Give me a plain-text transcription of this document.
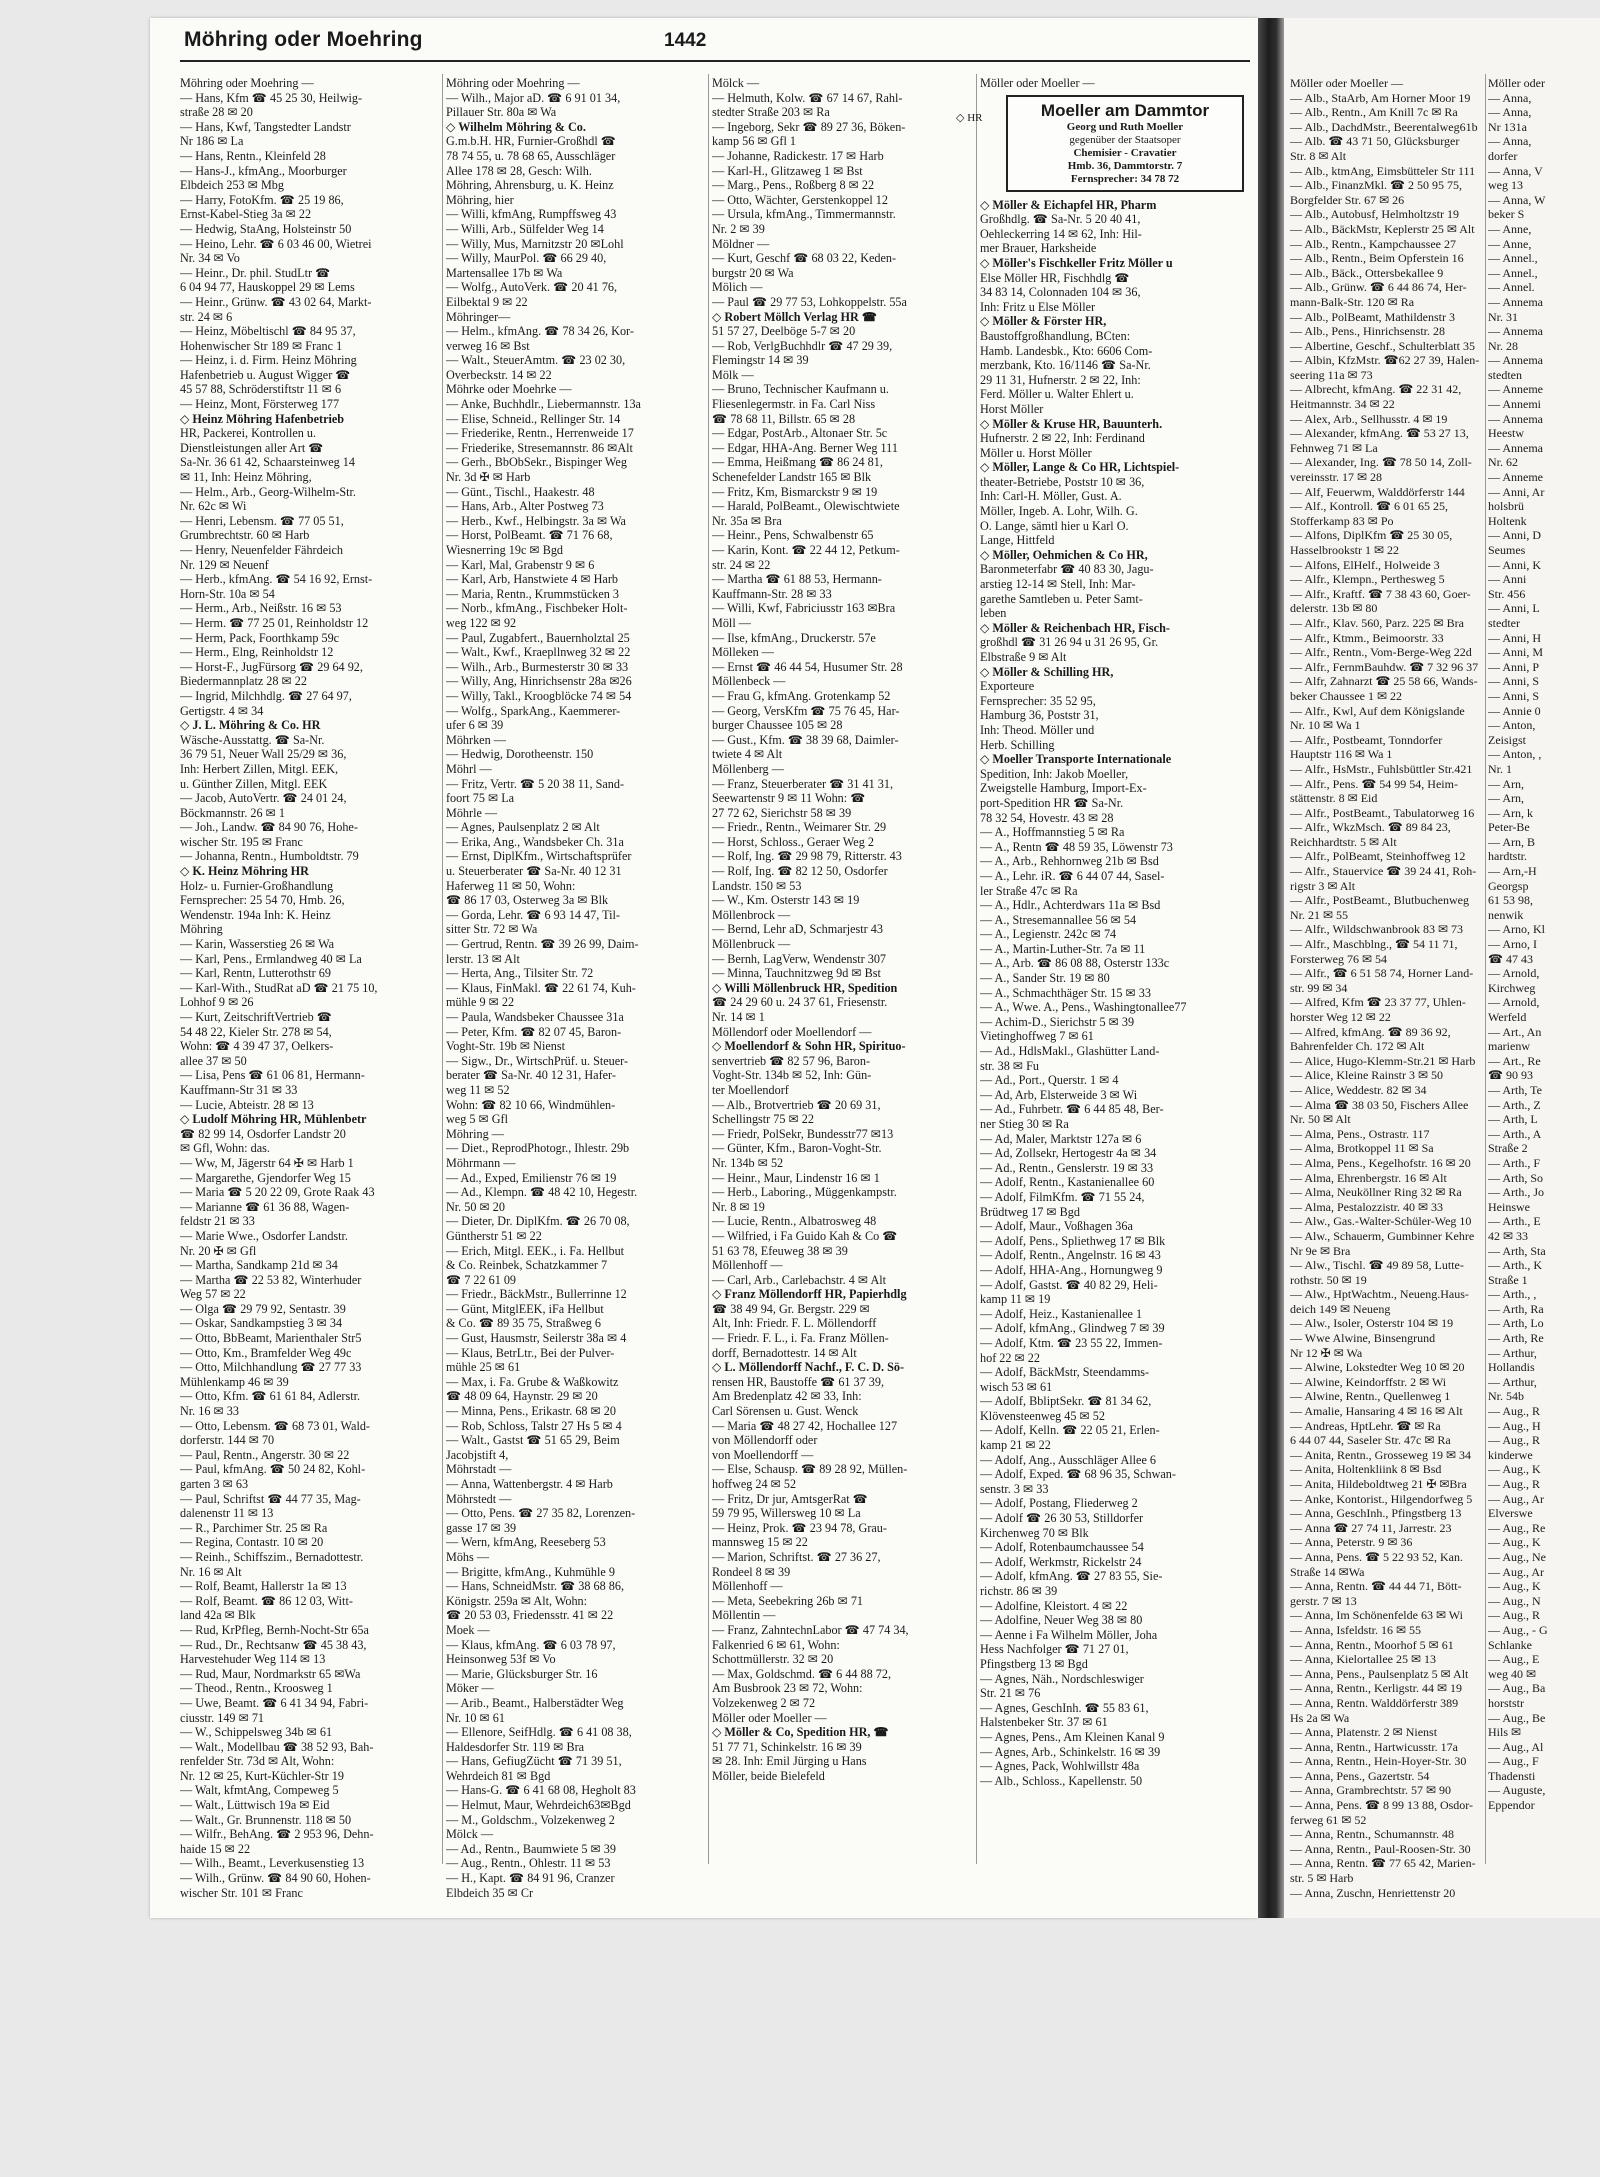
Möhring oder Moehring	1442
Möhring oder Moehring —
— Hans, Kfm ☎ 45 25 30, Heilwig-
straße 28 ✉ 20
— Hans, Kwf, Tangstedter Landstr
Nr 186 ✉ La
— Hans, Rentn., Kleinfeld 28
— Hans-J., kfmAng., Moorburger
Elbdeich 253 ✉ Mbg
— Harry, FotoKfm. ☎ 25 19 86,
Ernst-Kabel-Stieg 3a ✉ 22
— Hedwig, StaAng, Holsteinstr 50
— Heino, Lehr. ☎ 6 03 46 00, Wietrei
Nr. 34 ✉ Vo
— Heinr., Dr. phil. StudLtr ☎
6 04 94 77, Hauskoppel 29 ✉ Lems
— Heinr., Grünw. ☎ 43 02 64, Markt-
str. 24 ✉ 6
— Heinz, Möbeltischl ☎ 84 95 37,
Hohenwischer Str 189 ✉ Franc 1
— Heinz, i. d. Firm. Heinz Möhring
Hafenbetrieb u. August Wigger ☎
45 57 88, Schröderstiftstr 11 ✉ 6
— Heinz, Mont, Försterweg 177
◇ Heinz Möhring Hafenbetrieb
HR, Packerei, Kontrollen u.
Dienstleistungen aller Art ☎
Sa-Nr. 36 61 42, Schaarsteinweg 14
✉ 11, Inh: Heinz Möhring,
— Helm., Arb., Georg-Wilhelm-Str.
Nr. 62c ✉ Wi
— Henri, Lebensm. ☎ 77 05 51,
Grumbrechtstr. 60 ✉ Harb
— Henry, Neuenfelder Fährdeich
Nr. 129 ✉ Neuenf
— Herb., kfmAng. ☎ 54 16 92, Ernst-
Horn-Str. 10a ✉ 54
— Herm., Arb., Neißstr. 16 ✉ 53
— Herm. ☎ 77 25 01, Reinholdstr 12
— Herm, Pack, Foorthkamp 59c
— Herm., Elng, Reinholdstr 12
— Horst-F., JugFürsorg ☎ 29 64 92,
Biedermannplatz 28 ✉ 22
— Ingrid, Milchhdlg. ☎ 27 64 97,
Gertigstr. 4 ✉ 34
◇ J. L. Möhring & Co. HR
Wäsche-Ausstattg. ☎ Sa-Nr.
36 79 51, Neuer Wall 25/29 ✉ 36,
Inh: Herbert Zillen, Mitgl. EEK,
u. Günther Zillen, Mitgl. EEK
— Jacob, AutoVertr. ☎ 24 01 24,
Böckmannstr. 26 ✉ 1
— Joh., Landw. ☎ 84 90 76, Hohe-
wischer Str. 195 ✉ Franc
— Johanna, Rentn., Humboldtstr. 79
◇ K. Heinz Möhring HR
Holz- u. Furnier-Großhandlung
Fernsprecher: 25 54 70, Hmb. 26,
Wendenstr. 194a Inh: K. Heinz
Möhring
— Karin, Wasserstieg 26 ✉ Wa
— Karl, Pens., Ermlandweg 40 ✉ La
— Karl, Rentn, Lutterothstr 69
— Karl-With., StudRat aD ☎ 21 75 10,
Lohhof 9 ✉ 26
— Kurt, ZeitschriftVertrieb ☎
54 48 22, Kieler Str. 278 ✉ 54,
Wohn: ☎ 4 39 47 37, Oelkers-
allee 37 ✉ 50
— Lisa, Pens ☎ 61 06 81, Hermann-
Kauffmann-Str 31 ✉ 33
— Lucie, Abteistr. 28 ✉ 13
◇ Ludolf Möhring HR, Mühlenbetr
☎ 82 99 14, Osdorfer Landstr 20
✉ Gfl, Wohn: das.
— Ww, M, Jägerstr 64 ✠ ✉ Harb 1
— Margarethe, Gjendorfer Weg 15
— Maria ☎ 5 20 22 09, Grote Raak 43
— Marianne ☎ 61 36 88, Wagen-
feldstr 21 ✉ 33
— Marie Wwe., Osdorfer Landstr.
Nr. 20 ✠ ✉ Gfl
— Martha, Sandkamp 21d ✉ 34
— Martha ☎ 22 53 82, Winterhuder
Weg 57 ✉ 22
— Olga ☎ 29 79 92, Sentastr. 39
— Oskar, Sandkampstieg 3 ✉ 34
— Otto, BbBeamt, Marienthaler Str5
— Otto, Km., Bramfelder Weg 49c
— Otto, Milchhandlung ☎ 27 77 33
Mühlenkamp 46 ✉ 39
— Otto, Kfm. ☎ 61 61 84, Adlerstr.
Nr. 16 ✉ 33
— Otto, Lebensm. ☎ 68 73 01, Wald-
dorferstr. 144 ✉ 70
— Paul, Rentn., Angerstr. 30 ✉ 22
— Paul, kfmAng. ☎ 50 24 82, Kohl-
garten 3 ✉ 63
— Paul, Schriftst ☎ 44 77 35, Mag-
dalenenstr 11 ✉ 13
— R., Parchimer Str. 25 ✉ Ra
— Regina, Contastr. 10 ✉ 20
— Reinh., Schiffszim., Bernadottestr.
Nr. 16 ✉ Alt
— Rolf, Beamt, Hallerstr 1a ✉ 13
— Rolf, Beamt. ☎ 86 12 03, Witt-
land 42a ✉ Blk
— Rud, KrPfleg, Bernh-Nocht-Str 65a
— Rud., Dr., Rechtsanw ☎ 45 38 43,
Harvestehuder Weg 114 ✉ 13
— Rud, Maur, Nordmarkstr 65 ✉Wa
— Theod., Rentn., Kroosweg 1
— Uwe, Beamt. ☎ 6 41 34 94, Fabri-
ciusstr. 149 ✉ 71
— W., Schippelsweg 34b ✉ 61
— Walt., Modellbau ☎ 38 52 93, Bah-
renfelder Str. 73d ✉ Alt, Wohn:
Nr. 12 ✉ 25, Kurt-Küchler-Str 19
— Walt, kfmtAng, Compeweg 5
— Walt., Lüttwisch 19a ✉ Eid
— Walt., Gr. Brunnenstr. 118 ✉ 50
— Wilfr., BehAng. ☎ 2 953 96, Dehn-
haide 15 ✉ 22
— Wilh., Beamt., Leverkusenstieg 13
— Wilh., Grünw. ☎ 84 90 60, Hohen-
wischer Str. 101 ✉ Franc
Möhring oder Moehring —
— Wilh., Major aD. ☎ 6 91 01 34,
Pillauer Str. 80a ✉ Wa
◇ Wilhelm Möhring & Co.
G.m.b.H. HR, Furnier-Großhdl ☎
78 74 55, u. 78 68 65, Ausschläger
Allee 178 ✉ 28, Gesch: Wilh.
Möhring, Ahrensburg, u. K. Heinz
Möhring, hier
— Willi, kfmAng, Rumpffsweg 43
— Willi, Arb., Sülfelder Weg 14
— Willy, Mus, Marnitzstr 20 ✉Lohl
— Willy, MaurPol. ☎ 66 29 40,
Martensallee 17b ✉ Wa
— Wolfg., AutoVerk. ☎ 20 41 76,
Eilbektal 9 ✉ 22
Möhringer—
— Helm., kfmAng. ☎ 78 34 26, Kor-
verweg 16 ✉ Bst
— Walt., SteuerAmtm. ☎ 23 02 30,
Overbeckstr. 14 ✉ 22
Möhrke oder Moehrke —
— Anke, Buchhdlr., Liebermannstr. 13a
— Elise, Schneid., Rellinger Str. 14
— Friederike, Rentn., Herrenweide 17
— Friederike, Stresemannstr. 86 ✉Alt
— Gerh., BbObSekr., Bispinger Weg
Nr. 3d ✠ ✉ Harb
— Günt., Tischl., Haakestr. 48
— Hans, Arb., Alter Postweg 73
— Herb., Kwf., Helbingstr. 3a ✉ Wa
— Horst, PolBeamt. ☎ 71 76 68,
Wiesnerring 19c ✉ Bgd
— Karl, Mal, Grabenstr 9 ✉ 6
— Karl, Arb, Hanstwiete 4 ✉ Harb
— Maria, Rentn., Krummstücken 3
— Norb., kfmAng., Fischbeker Holt-
weg 122 ✉ 92
— Paul, Zugabfert., Bauernholztal 25
— Walt., Kwf., Kraepllnweg 32 ✉ 22
— Wilh., Arb., Burmesterstr 30 ✉ 33
— Willy, Ang, Hinrichsenstr 28a ✉26
— Willy, Takl., Kroogblöcke 74 ✉ 54
— Wolfg., SparkAng., Kaemmerer-
ufer 6 ✉ 39
Möhrken —
— Hedwig, Dorotheenstr. 150
Möhrl —
— Fritz, Vertr. ☎ 5 20 38 11, Sand-
foort 75 ✉ La
Möhrle —
— Agnes, Paulsenplatz 2 ✉ Alt
— Erika, Ang., Wandsbeker Ch. 31a
— Ernst, DiplKfm., Wirtschaftsprüfer
u. Steuerberater ☎ Sa-Nr. 40 12 31
Haferweg 11 ✉ 50, Wohn:
☎ 86 17 03, Osterweg 3a ✉ Blk
— Gorda, Lehr. ☎ 6 93 14 47, Til-
sitter Str. 72 ✉ Wa
— Gertrud, Rentn. ☎ 39 26 99, Daim-
lerstr. 13 ✉ Alt
— Herta, Ang., Tilsiter Str. 72
— Klaus, FinMakl. ☎ 22 61 74, Kuh-
mühle 9 ✉ 22
— Paula, Wandsbeker Chaussee 31a
— Peter, Kfm. ☎ 82 07 45, Baron-
Voght-Str. 19b ✉ Nienst
— Sigw., Dr., WirtschPrüf. u. Steuer-
berater ☎ Sa-Nr. 40 12 31, Hafer-
weg 11 ✉ 52
Wohn: ☎ 82 10 66, Windmühlen-
weg 5 ✉ Gfl
Möhring —
— Diet., ReprodPhotogr., Ihlestr. 29b
Möhrmann —
— Ad., Exped, Emilienstr 76 ✉ 19
— Ad., Klempn. ☎ 48 42 10, Hegestr.
Nr. 50 ✉ 20
— Dieter, Dr. DiplKfm. ☎ 26 70 08,
Güntherstr 51 ✉ 22
— Erich, Mitgl. EEK., i. Fa. Hellbut
& Co. Reinbek, Schatzkammer 7
☎ 7 22 61 09
— Friedr., BäckMstr., Bullerrinne 12
— Günt, MitglEEK, iFa Hellbut
& Co. ☎ 89 35 75, Straßweg 6
— Gust, Hausmstr, Seilerstr 38a ✉ 4
— Klaus, BetrLtr., Bei der Pulver-
mühle 25 ✉ 61
— Max, i. Fa. Grube & Waßkowitz
☎ 48 09 64, Haynstr. 29 ✉ 20
— Minna, Pens., Erikastr. 68 ✉ 20
— Rob, Schloss, Talstr 27 Hs 5 ✉ 4
— Walt., Gastst ☎ 51 65 29, Beim
Jacobjstift 4,
Möhrstadt —
— Anna, Wattenbergstr. 4 ✉ Harb
Möhrstedt —
— Otto, Pens. ☎ 27 35 82, Lorenzen-
gasse 17 ✉ 39
— Wern, kfmAng, Reeseberg 53
Möhs —
— Brigitte, kfmAng., Kuhmühle 9
— Hans, SchneidMstr. ☎ 38 68 86,
Königstr. 259a ✉ Alt, Wohn:
☎ 20 53 03, Friedensstr. 41 ✉ 22
Moek —
— Klaus, kfmAng. ☎ 6 03 78 97,
Heinsonweg 53f ✉ Vo
— Marie, Glücksburger Str. 16
Möker —
— Arib., Beamt., Halberstädter Weg
Nr. 10 ✉ 61
— Ellenore, SeifHdlg. ☎ 6 41 08 38,
Haldesdorfer Str. 119 ✉ Bra
— Hans, GefiugZücht ☎ 71 39 51,
Wehrdeich 81 ✉ Bgd
— Hans-G. ☎ 6 41 68 08, Hegholt 83
— Helmut, Maur, Wehrdeich63✉Bgd
— M., Goldschm., Volzekenweg 2
Mölck —
— Ad., Rentn., Baumwiete 5 ✉ 39
— Aug., Rentn., Ohlestr. 11 ✉ 53
— H., Kapt. ☎ 84 91 96, Cranzer
Elbdeich 35 ✉ Cr
Mölck —
— Helmuth, Kolw. ☎ 67 14 67, Rahl-
stedter Straße 203 ✉ Ra
— Ingeborg, Sekr ☎ 89 27 36, Böken-
kamp 56 ✉ Gfl 1
— Johanne, Radickestr. 17 ✉ Harb
— Karl-H., Glitzaweg 1 ✉ Bst
— Marg., Pens., Roßberg 8 ✉ 22
— Otto, Wächter, Gerstenkoppel 12
— Ursula, kfmAng., Timmermannstr.
Nr. 2 ✉ 39
Möldner —
— Kurt, Geschf ☎ 68 03 22, Keden-
burgstr 20 ✉ Wa
Mölich —
— Paul ☎ 29 77 53, Lohkoppelstr. 55a
◇ Robert Möllch Verlag HR ☎
51 57 27, Deelböge 5-7 ✉ 20
— Rob, VerlgBuchhdlr ☎ 47 29 39,
Flemingstr 14 ✉ 39
Mölk —
— Bruno, Technischer Kaufmann u.
Fliesenlegermstr. in Fa. Carl Niss
☎ 78 68 11, Billstr. 65 ✉ 28
— Edgar, PostArb., Altonaer Str. 5c
— Edgar, HHA-Ang. Berner Weg 111
— Emma, Heißmang ☎ 86 24 81,
Schenefelder Landstr 165 ✉ Blk
— Fritz, Km, Bismarckstr 9 ✉ 19
— Harald, PolBeamt., Olewischtwiete
Nr. 35a ✉ Bra
— Heinr., Pens, Schwalbenstr 65
— Karin, Kont. ☎ 22 44 12, Petkum-
str. 24 ✉ 22
— Martha ☎ 61 88 53, Hermann-
Kauffmann-Str. 28 ✉ 33
— Willi, Kwf, Fabriciusstr 163 ✉Bra
Möll —
— Ilse, kfmAng., Druckerstr. 57e
Mölleken —
— Ernst ☎ 46 44 54, Husumer Str. 28
Möllenbeck —
— Frau G, kfmAng. Grotenkamp 52
— Georg, VersKfm ☎ 75 76 45, Har-
burger Chaussee 105 ✉ 28
— Gust., Kfm. ☎ 38 39 68, Daimler-
twiete 4 ✉ Alt
Möllenberg —
— Franz, Steuerberater ☎ 31 41 31,
Seewartenstr 9 ✉ 11 Wohn: ☎
27 72 62, Sierichstr 58 ✉ 39
— Friedr., Rentn., Weimarer Str. 29
— Horst, Schloss., Geraer Weg 2
— Rolf, Ing. ☎ 29 98 79, Ritterstr. 43
— Rolf, Ing. ☎ 82 12 50, Osdorfer
Landstr. 150 ✉ 53
— W., Km. Osterstr 143 ✉ 19
Möllenbrock —
— Bernd, Lehr aD, Schmarjestr 43
Möllenbruck —
— Bernh, LagVerw, Wendenstr 307
— Minna, Tauchnitzweg 9d ✉ Bst
◇ Willi Möllenbruck HR, Spedition
☎ 24 29 60 u. 24 37 61, Friesenstr.
Nr. 14 ✉ 1
Möllendorf oder Moellendorf —
◇ Moellendorf & Sohn HR, Spirituo-
senvertrieb ☎ 82 57 96, Baron-
Voght-Str. 134b ✉ 52, Inh: Gün-
ter Moellendorf
— Alb., Brotvertrieb ☎ 20 69 31,
Schellingstr 75 ✉ 22
— Friedr, PolSekr, Bundesstr77 ✉13
— Günter, Kfm., Baron-Voght-Str.
Nr. 134b ✉ 52
— Heinr., Maur, Lindenstr 16 ✉ 1
— Herb., Laboring., Müggenkampstr.
Nr. 8 ✉ 19
— Lucie, Rentn., Albatrosweg 48
— Wilfried, i Fa Guido Kah & Co ☎
51 63 78, Efeuweg 38 ✉ 39
Möllenhoff —
— Carl, Arb., Carlebachstr. 4 ✉ Alt
◇ Franz Möllendorff HR, Papierhdlg
☎ 38 49 94, Gr. Bergstr. 229 ✉
Alt, Inh: Friedr. F. L. Möllendorff
— Friedr. F. L., i. Fa. Franz Möllen-
dorff, Bernadottestr. 14 ✉ Alt
◇ L. Möllendorff Nachf., F. C. D. Sö-
rensen HR, Baustoffe ☎ 61 37 39,
Am Bredenplatz 42 ✉ 33, Inh:
Carl Sörensen u. Gust. Wenck
— Maria ☎ 48 27 42, Hochallee 127
von Möllendorff oder
von Moellendorff —
— Else, Schausp. ☎ 89 28 92, Müllen-
hoffweg 24 ✉ 52
— Fritz, Dr jur, AmtsgerRat ☎
59 79 95, Willersweg 10 ✉ La
— Heinz, Prok. ☎ 23 94 78, Grau-
mannsweg 15 ✉ 22
— Marion, Schriftst. ☎ 27 36 27,
Rondeel 8 ✉ 39
Möllenhoff —
— Meta, Seebekring 26b ✉ 71
Möllentin —
— Franz, ZahntechnLabor ☎ 47 74 34,
Falkenried 6 ✉ 61, Wohn:
Schottmüllerstr. 32 ✉ 20
— Max, Goldschmd. ☎ 6 44 88 72,
Am Busbrook 23 ✉ 72, Wohn:
Volzekenweg 2 ✉ 72
Möller oder Moeller —
◇ Möller & Co, Spedition HR, ☎
51 77 71, Schinkelstr. 16 ✉ 39
✉ 28. Inh: Emil Jürging u Hans
Möller, beide Bielefeld
Möller oder Moeller —
◇ HR	Moeller am Dammtor
Georg und Ruth Moeller
gegenüber der Staatsoper
Chemisier - Cravatier
Hmb. 36, Dammtorstr. 7
Fernsprecher: 34 78 72
◇ Möller & Eichapfel HR, Pharm
Großhdlg. ☎ Sa-Nr. 5 20 40 41,
Oehleckerring 14 ✉ 62, Inh: Hil-
mer Brauer, Harksheide
◇ Möller's Fischkeller Fritz Möller u
Else Möller HR, Fischhdlg ☎
34 83 14, Colonnaden 104 ✉ 36,
Inh: Fritz u Else Möller
◇ Möller & Förster HR,
Baustoffgroßhandlung, BCten:
Hamb. Landesbk., Kto: 6606 Com-
merzbank, Kto. 16/1146 ☎ Sa-Nr.
29 11 31, Hufnerstr. 2 ✉ 22, Inh:
Ferd. Möller u. Walter Ehlert u.
Horst Möller
◇ Möller & Kruse HR, Bauunterh.
Hufnerstr. 2 ✉ 22, Inh: Ferdinand
Möller u. Horst Möller
◇ Möller, Lange & Co HR, Lichtspiel-
theater-Betriebe, Poststr 10 ✉ 36,
Inh: Carl-H. Möller, Gust. A.
Möller, Ingeb. A. Lohr, Wilh. G.
O. Lange, sämtl hier u Karl O.
Lange, Hittfeld
◇ Möller, Oehmichen & Co HR,
Baronmeterfabr ☎ 40 83 30, Jagu-
arstieg 12-14 ✉ Stell, Inh: Mar-
garethe Samtleben u. Peter Samt-
leben
◇ Möller & Reichenbach HR, Fisch-
großhdl ☎ 31 26 94 u 31 26 95, Gr.
Elbstraße 9 ✉ Alt
◇ Möller & Schilling HR,
Exporteure
Fernsprecher: 35 52 95,
Hamburg 36, Poststr 31,
Inh: Theod. Möller und
Herb. Schilling
◇ Moeller Transporte Internationale
Spedition, Inh: Jakob Moeller,
Zweigstelle Hamburg, Import-Ex-
port-Spedition HR ☎ Sa-Nr.
78 32 54, Hovestr. 43 ✉ 28
— A., Hoffmannstieg 5 ✉ Ra
— A., Rentn ☎ 48 59 35, Löwenstr 73
— A., Arb., Rehhornweg 21b ✉ Bsd
— A., Lehr. iR. ☎ 6 44 07 44, Sasel-
ler Straße 47c ✉ Ra
— A., Hdlr., Achterdwars 11a ✉ Bsd
— A., Stresemannallee 56 ✉ 54
— A., Legienstr. 242c ✉ 74
— A., Martin-Luther-Str. 7a ✉ 11
— A., Arb. ☎ 86 08 88, Osterstr 133c
— A., Sander Str. 19 ✉ 80
— A., Schmachthäger Str. 15 ✉ 33
— A., Wwe. A., Pens., Washingtonallee77
— Achim-D., Sierichstr 5 ✉ 39
Vietinghoffweg 7 ✉ 61
— Ad., HdlsMakl., Glashütter Land-
str. 38 ✉ Fu
— Ad., Port., Querstr. 1 ✉ 4
— Ad, Arb, Elsterweide 3 ✉ Wi
— Ad., Fuhrbetr. ☎ 6 44 85 48, Ber-
ner Stieg 30 ✉ Ra
— Ad, Maler, Marktstr 127a ✉ 6
— Ad, Zollsekr, Hertogestr 4a ✉ 34
— Ad., Rentn., Genslerstr. 19 ✉ 33
— Adolf, Rentn., Kastanienallee 60
— Adolf, FilmKfm. ☎ 71 55 24,
Brüdtweg 17 ✉ Bgd
— Adolf, Maur., Voßhagen 36a
— Adolf, Pens., Spliethweg 17 ✉ Blk
— Adolf, Rentn., Angelnstr. 16 ✉ 43
— Adolf, HHA-Ang., Hornungweg 9
— Adolf, Gastst. ☎ 40 82 29, Heli-
kamp 11 ✉ 19
— Adolf, Heiz., Kastanienallee 1
— Adolf, kfmAng., Glindweg 7 ✉ 39
— Adolf, Ktm. ☎ 23 55 22, Immen-
hof 22 ✉ 22
— Adolf, BäckMstr, Steendamms-
wisch 53 ✉ 61
— Adolf, BbliptSekr. ☎ 81 34 62,
Klövensteenweg 45 ✉ 52
— Adolf, Kelln. ☎ 22 05 21, Erlen-
kamp 21 ✉ 22
— Adolf, Ang., Ausschläger Allee 6
— Adolf, Exped. ☎ 68 96 35, Schwan-
senstr. 3 ✉ 33
— Adolf, Postang, Fliederweg 2
— Adolf ☎ 26 30 53, Stilldorfer
Kirchenweg 70 ✉ Blk
— Adolf, Rotenbaumchaussee 54
— Adolf, Werkmstr, Rickelstr 24
— Adolf, kfmAng. ☎ 27 83 55, Sie-
richstr. 86 ✉ 39
— Adolfine, Kleistort. 4 ✉ 22
— Adolfine, Neuer Weg 38 ✉ 80
— Aenne i Fa Wilhelm Möller, Joha
Hess Nachfolger ☎ 71 27 01,
Pfingstberg 13 ✉ Bgd
— Agnes, Näh., Nordschleswiger
Str. 21 ✉ 76
— Agnes, GeschInh. ☎ 55 83 61,
Halstenbeker Str. 37 ✉ 61
— Agnes, Pens., Am Kleinen Kanal 9
— Agnes, Arb., Schinkelstr. 16 ✉ 39
— Agnes, Pack, Wohlwillstr 48a
— Alb., Schloss., Kapellenstr. 50
Möller oder Moeller —
— Alb., StaArb, Am Horner Moor 19
— Alb., Rentn., Am Knill 7c ✉ Ra
— Alb., DachdMstr., Beerentalweg61b
— Alb. ☎ 43 71 50, Glücksburger
Str. 8 ✉ Alt
— Alb., ktmAng, Eimsbütteler Str 111
— Alb., FinanzMkl. ☎ 2 50 95 75,
Borgfelder Str. 67 ✉ 26
— Alb., Autobusf, Helmholtzstr 19
— Alb., BäckMstr, Keplerstr 25 ✉ Alt
— Alb., Rentn., Kampchaussee 27
— Alb., Rentn., Beim Opferstein 16
— Alb., Bäck., Ottersbekallee 9
— Alb., Grünw. ☎ 6 44 86 74, Her-
mann-Balk-Str. 120 ✉ Ra
— Alb., PolBeamt, Mathildenstr 3
— Alb., Pens., Hinrichsenstr. 28
— Albertine, Geschf., Schulterblatt 35
— Albin, KfzMstr. ☎62 27 39, Halen-
seering 11a ✉ 73
— Albrecht, kfmAng. ☎ 22 31 42,
Heitmannstr. 34 ✉ 22
— Alex, Arb., Sellhusstr. 4 ✉ 19
— Alexander, kfmAng. ☎ 53 27 13,
Fehnweg 71 ✉ La
— Alexander, Ing. ☎ 78 50 14, Zoll-
vereinsstr. 17 ✉ 28
— Alf, Feuerwm, Walddörferstr 144
— Alf., Kontroll. ☎ 6 01 65 25,
Stofferkamp 83 ✉ Po
— Alfons, DiplKfm ☎ 25 30 05,
Hasselbrookstr 1 ✉ 22
— Alfons, ElHelf., Holweide 3
— Alfr., Klempn., Perthesweg 5
— Alfr., Kraftf. ☎ 7 38 43 60, Goer-
delerstr. 13b ✉ 80
— Alfr., Klav. 560, Parz. 225 ✉ Bra
— Alfr., Ktmm., Beimoorstr. 33
— Alfr., Rentn., Vom-Berge-Weg 22d
— Alfr., FernmBauhdw. ☎ 7 32 96 37
— Alfr, Zahnarzt ☎ 25 58 66, Wands-
beker Chaussee 1 ✉ 22
— Alfr., Kwl, Auf dem Königslande
Nr. 10 ✉ Wa 1
— Alfr., Postbeamt, Tonndorfer
Hauptstr 116 ✉ Wa 1
— Alfr., HsMstr., Fuhlsbüttler Str.421
— Alfr., Pens. ☎ 54 99 54, Heim-
stättenstr. 8 ✉ Eid
— Alfr., PostBeamt., Tabulatorweg 16
— Alfr., WkzMsch. ☎ 89 84 23,
Reichhardtstr. 5 ✉ Alt
— Alfr., PolBeamt, Steinhoffweg 12
— Alfr., Stauervice ☎ 39 24 41, Roh-
rigstr 3 ✉ Alt
— Alfr., PostBeamt., Blutbuchenweg
Nr. 21 ✉ 55
— Alfr., Wildschwanbrook 83 ✉ 73
— Alfr., Maschblng., ☎ 54 11 71,
Forsterweg 76 ✉ 54
— Alfr., ☎ 6 51 58 74, Horner Land-
str. 99 ✉ 34
— Alfred, Kfm ☎ 23 37 77, Uhlen-
horster Weg 12 ✉ 22
— Alfred, kfmAng. ☎ 89 36 92,
Bahrenfelder Ch. 172 ✉ Alt
— Alice, Hugo-Klemm-Str.21 ✉ Harb
— Alice, Kleine Rainstr 3 ✉ 50
— Alice, Weddestr. 82 ✉ 34
— Alma ☎ 38 03 50, Fischers Allee
Nr. 50 ✉ Alt
— Alma, Pens., Ostrastr. 117
— Alma, Brotkoppel 11 ✉ Sa
— Alma, Pens., Kegelhofstr. 16 ✉ 20
— Alma, Ehrenbergstr. 16 ✉ Alt
— Alma, Neuköllner Ring 32 ✉ Ra
— Alma, Pestalozzistr. 40 ✉ 33
— Alw., Gas.-Walter-Schüler-Weg 10
— Alw., Schauerm, Gumbinner Kehre
Nr 9e ✉ Bra
— Alw., Tischl. ☎ 49 89 58, Lutte-
rothstr. 50 ✉ 19
— Alw., HptWachtm., Neueng.Haus-
deich 149 ✉ Neueng
— Alw., Isoler, Osterstr 104 ✉ 19
— Wwe Alwine, Binsengrund
Nr 12 ✠ ✉ Wa
— Alwine, Lokstedter Weg 10 ✉ 20
— Alwine, Keindorffstr. 2 ✉ Wi
— Alwine, Rentn., Quellenweg 1
— Amalie, Hansaring 4 ✉ 16 ✉ Alt
— Andreas, HptLehr. ☎ ✉ Ra
6 44 07 44, Saseler Str. 47c ✉ Ra
— Anita, Rentn., Grosseweg 19 ✉ 34
— Anita, Holtenkliink 8 ✉ Bsd
— Anita, Hildeboldtweg 21 ✠ ✉Bra
— Anke, Kontorist., Hilgendorfweg 5
— Anna, GeschInh., Pfingstberg 13
— Anna ☎ 27 74 11, Jarrestr. 23
— Anna, Peterstr. 9 ✉ 36
— Anna, Pens. ☎ 5 22 93 52, Kan.
Straße 14 ✉Wa
— Anna, Rentn. ☎ 44 44 71, Bött-
gerstr. 7 ✉ 13
— Anna, Im Schönenfelde 63 ✉ Wi
— Anna, Isfeldstr. 16 ✉ 55
— Anna, Rentn., Moorhof 5 ✉ 61
— Anna, Kielortallee 25 ✉ 13
— Anna, Pens., Paulsenplatz 5 ✉ Alt
— Anna, Rentn., Kerligstr. 44 ✉ 19
— Anna, Rentn. Walddörferstr 389
Hs 2a ✉ Wa
— Anna, Platenstr. 2 ✉ Nienst
— Anna, Rentn., Hartwicusstr. 17a
— Anna, Rentn., Hein-Hoyer-Str. 30
— Anna, Pens., Gazertstr. 54
— Anna, Grambrechtstr. 57 ✉ 90
— Anna, Pens. ☎ 8 99 13 88, Osdor-
ferweg 61 ✉ 52
— Anna, Rentn., Schumannstr. 48
— Anna, Rentn., Paul-Roosen-Str. 30
— Anna, Rentn. ☎ 77 65 42, Marien-
str. 5 ✉ Harb
— Anna, Zuschn, Henriettenstr 20
Möller oder
— Anna,
— Anna,
Nr 131a
— Anna,
dorfer
— Anna, V
weg 13
— Anna, W
beker S
— Anne,
— Anne,
— Annel.,
— Annel.,
— Annel.
— Annema
Nr. 31
— Annema
Nr. 28
— Annema
stedten
— Anneme
— Annemi
— Annema
Heestw
— Annema
Nr. 62
— Anneme
— Anni, Ar
holsbrü
Holtenk
— Anni, D
Seumes
— Anni, K
— Anni
Str. 456
— Anni, L
stedter
— Anni, H
— Anni, M
— Anni, P
— Anni, S
— Anni, S
— Annie 0
— Anton,
Zeisigst
— Anton, ,
Nr. 1
— Arn,
— Arn,
— Arn, k
Peter-Be
— Arn, B
hardtstr.
— Arn,-H
Georgsp
61 53 98,
nenwik
— Arno, Kl
— Arno, I
☎ 47 43
— Arnold,
Kirchweg
— Arnold,
Werfeld
— Art., An
marienw
— Art., Re
☎ 90 93
— Arth, Te
— Arth., Z
— Arth, L
— Arth., A
Straße 2
— Arth., F
— Arth, So
— Arth., Jo
Heinswe
— Arth., E
42 ✉ 33
— Arth, Sta
— Arth., K
Straße 1
— Arth., ,
— Arth, Ra
— Arth, Lo
— Arth, Re
— Arthur,
Hollandis
— Arthur,
Nr. 54b
— Aug., R
— Aug., H
— Aug., R
kinderwe
— Aug., K
— Aug., R
— Aug., Ar
Elverswe
— Aug., Re
— Aug., K
— Aug., Ne
— Aug., Ar
— Aug., K
— Aug., N
— Aug., R
— Aug., - G
Schlanke
— Aug., E
weg 40 ✉
— Aug., Ba
horststr
— Aug., Be
Hils ✉
— Aug., Al
— Aug., F
Thadensti
— Auguste,
Eppendor
